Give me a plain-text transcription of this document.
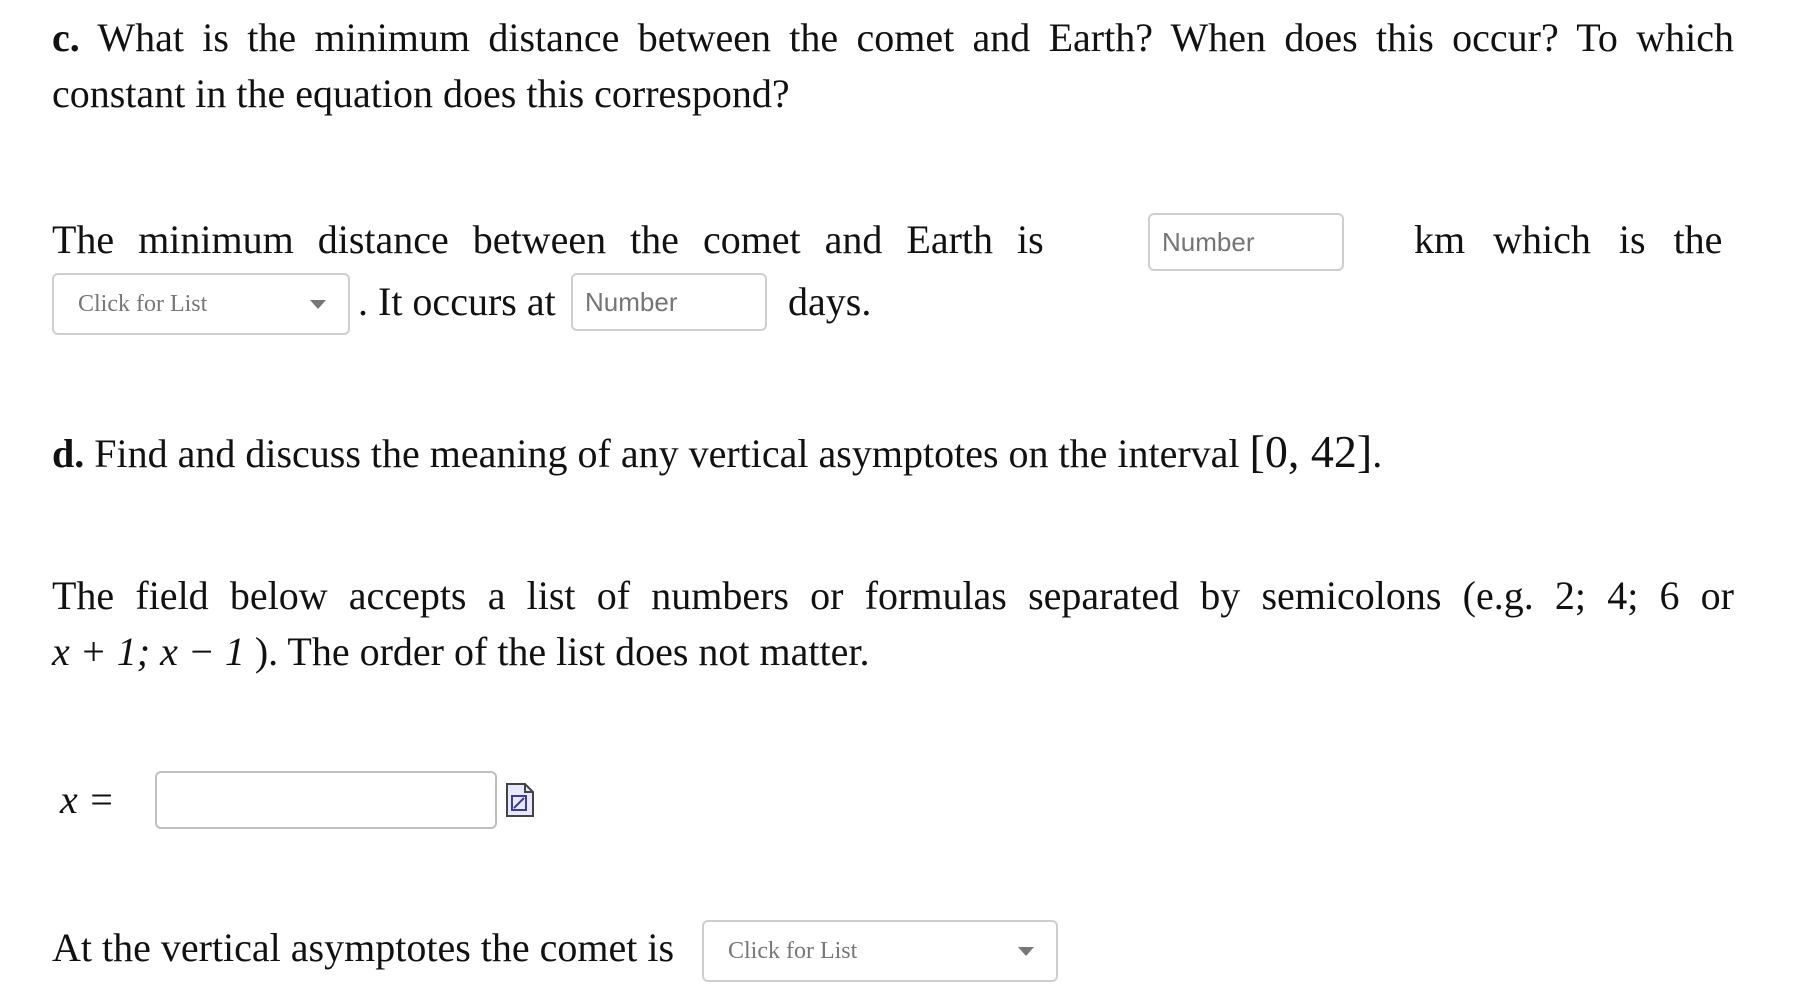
c. What is the minimum distance between the comet and Earth? When does this occur? To which constant in the equation does this correspond?

The minimum distance between the comet and Earth is
Number	km which is the
Click for List	. It occurs at
Number	days.
d. Find and discuss the meaning of any vertical asymptotes on the interval [0, 42].
The field below accepts a list of numbers or formulas separated by semicolons (e.g. 2; 4; 6 or
x + 1; x − 1 ). The order of the list does not matter.
x =
At the vertical asymptotes the comet is	Click for List
